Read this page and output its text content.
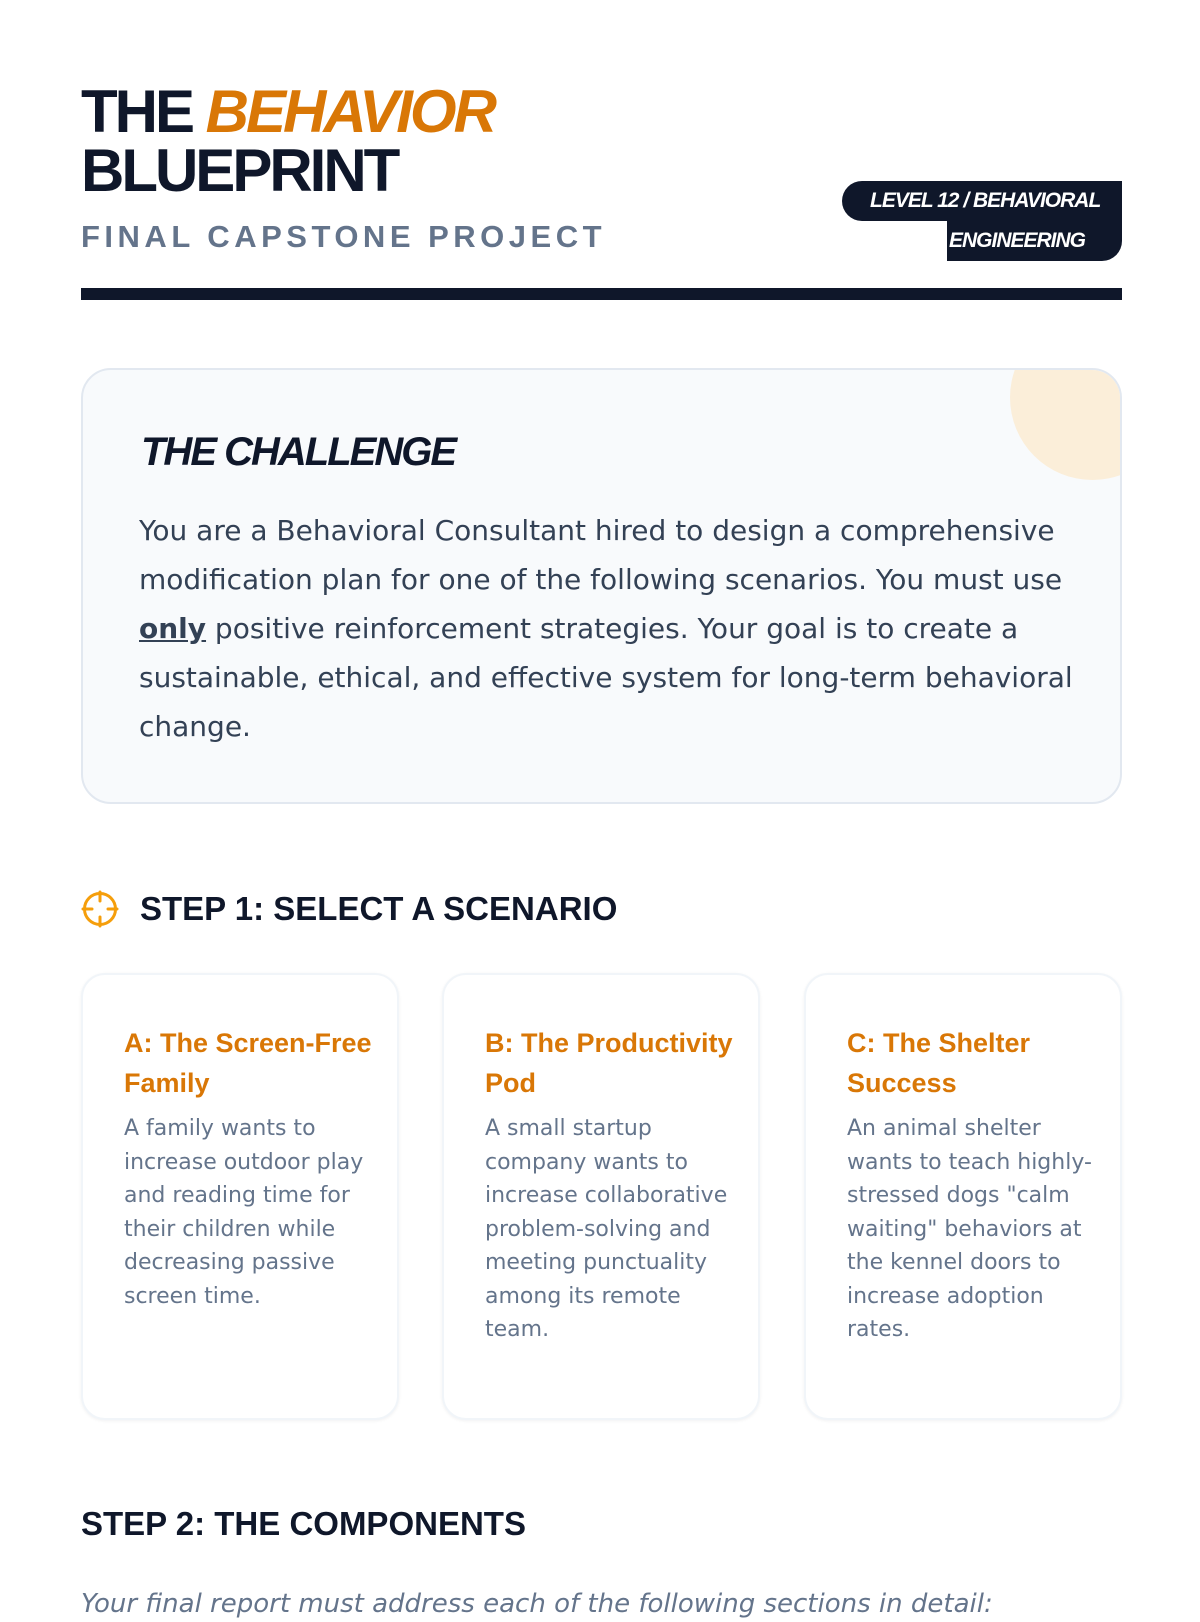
THE BEHAVIOR
BLUEPRINT
FINAL CAPSTONE PROJECT
LEVEL 12 / BEHAVIORAL
ENGINEERING
THE CHALLENGE

You are a Behavioral Consultant hired to design a comprehensive modification plan for one of the following scenarios. You must use only positive reinforcement strategies. Your goal is to create a sustainable, ethical, and effective system for long-term behavioral change.

STEP 1: SELECT A SCENARIO
A: The Screen-Free Family

A family wants to increase outdoor play and reading time for their children while decreasing passive screen time.

B: The Productivity Pod

A small startup company wants to increase collaborative problem-solving and meeting punctuality among its remote team.

C: The Shelter Success

An animal shelter wants to teach highly-stressed dogs "calm waiting" behaviors at the kennel doors to increase adoption rates.

STEP 2: THE COMPONENTS

Your final report must address each of the following sections in detail:
